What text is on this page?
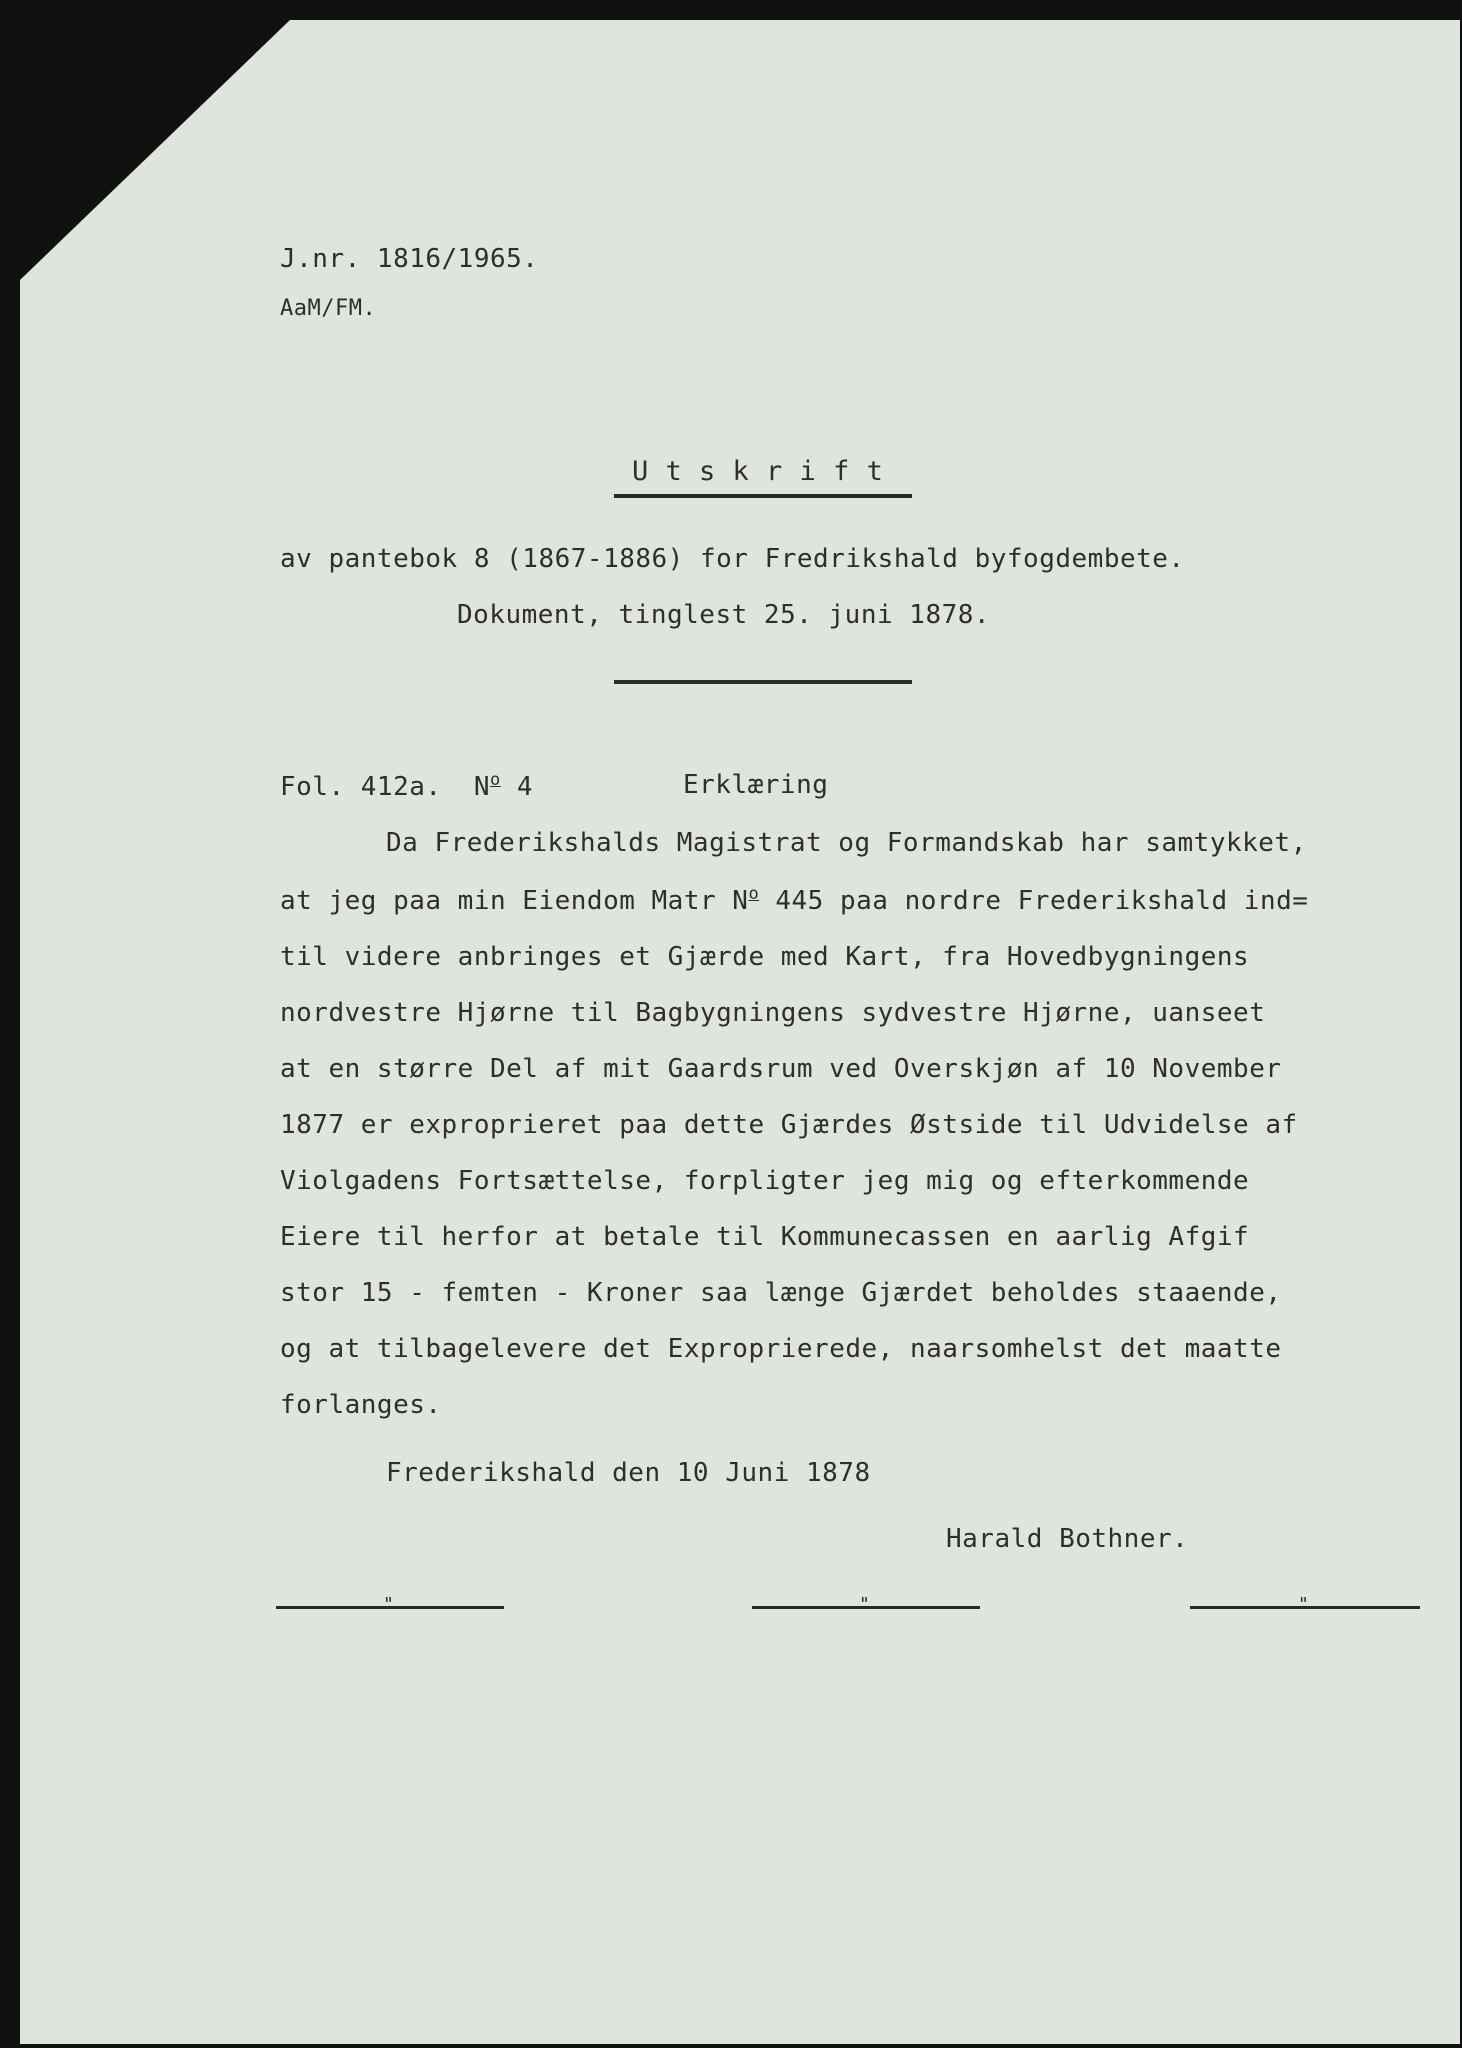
J.nr. 1816/1965.
AaM/FM.
U t s k r i f t
av pantebok 8 (1867-1886) for Fredrikshald byfogdembete.
Dokument, tinglest 25. juni 1878.
Fol. 412a. $N^o$ 4	Erklæring
Da Frederikshalds Magistrat og Formandskab har samtykket,
at jeg paa min Eiendom Matr $N^o$ 445 paa nordre Frederikshald ind=
til videre anbringes et Gjærde med Kart, fra Hovedbygningens
nordvestre Hjørne til Bagbygningens sydvestre Hjørne, uanseet
at en større Del af mit Gaardsrum ved Overskjøn af 10 November
1877 er exproprieret paa dette Gjærdes Østside til Udvidelse af
Violgadens Fortsættelse, forpligter jeg mig og efterkommende
Eiere til herfor at betale til Kommunecassen en aarlig Afgif
stor 15 - femten - Kroner saa længe Gjærdet beholdes staaende,
og at tilbagelevere det Exproprierede, naarsomhelst det maatte
forlanges.
Frederikshald den 10 Juni 1878
Harald Bothner.
"	"	"
